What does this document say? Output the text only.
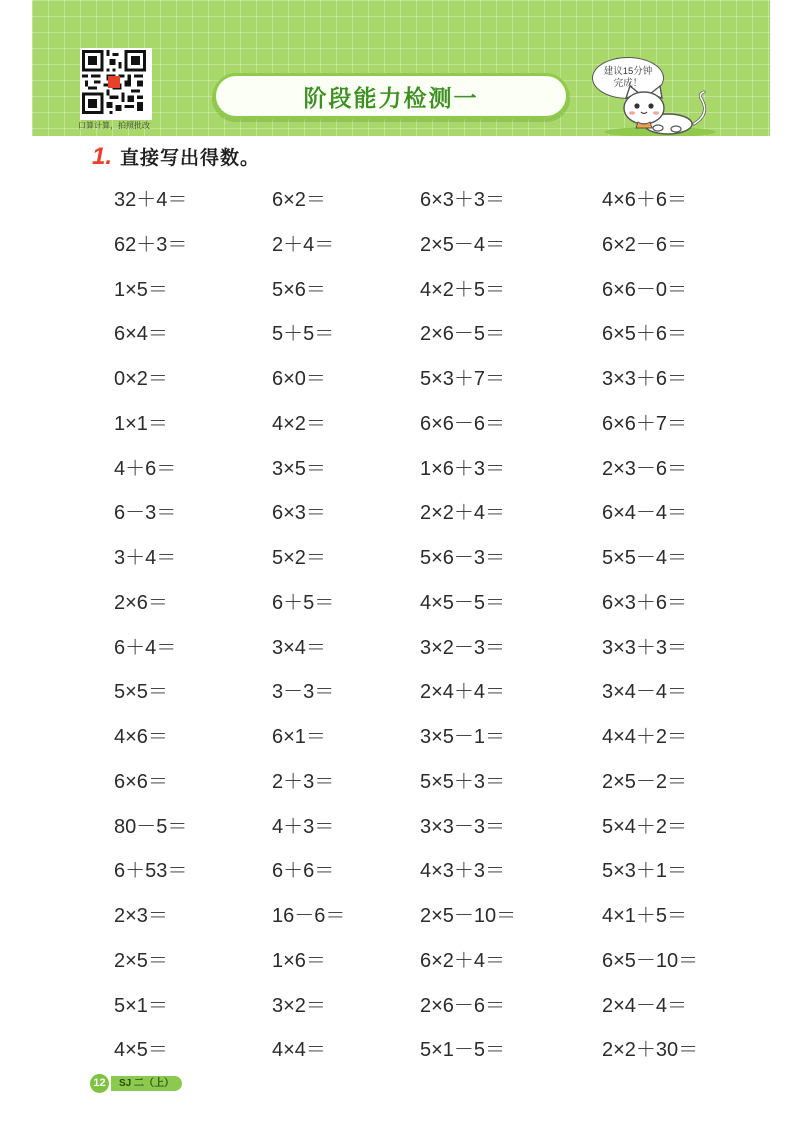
口算计算，拍照批改
阶段能力检测一
建议15分钟
完成！
1. 直接写出得数。
32＋4＝	6×2＝	6×3＋3＝	4×6＋6＝
62＋3＝	2＋4＝	2×5－4＝	6×2－6＝
1×5＝	5×6＝	4×2＋5＝	6×6－0＝
6×4＝	5＋5＝	2×6－5＝	6×5＋6＝
0×2＝	6×0＝	5×3＋7＝	3×3＋6＝
1×1＝	4×2＝	6×6－6＝	6×6＋7＝
4＋6＝	3×5＝	1×6＋3＝	2×3－6＝
6－3＝	6×3＝	2×2＋4＝	6×4－4＝
3＋4＝	5×2＝	5×6－3＝	5×5－4＝
2×6＝	6＋5＝	4×5－5＝	6×3＋6＝
6＋4＝	3×4＝	3×2－3＝	3×3＋3＝
5×5＝	3－3＝	2×4＋4＝	3×4－4＝
4×6＝	6×1＝	3×5－1＝	4×4＋2＝
6×6＝	2＋3＝	5×5＋3＝	2×5－2＝
80－5＝	4＋3＝	3×3－3＝	5×4＋2＝
6＋53＝	6＋6＝	4×3＋3＝	5×3＋1＝
2×3＝	16－6＝	2×5－10＝	4×1＋5＝
2×5＝	1×6＝	6×2＋4＝	6×5－10＝
5×1＝	3×2＝	2×6－6＝	2×4－4＝
4×5＝	4×4＝	5×1－5＝	2×2＋30＝
12	SJ 二（上）
